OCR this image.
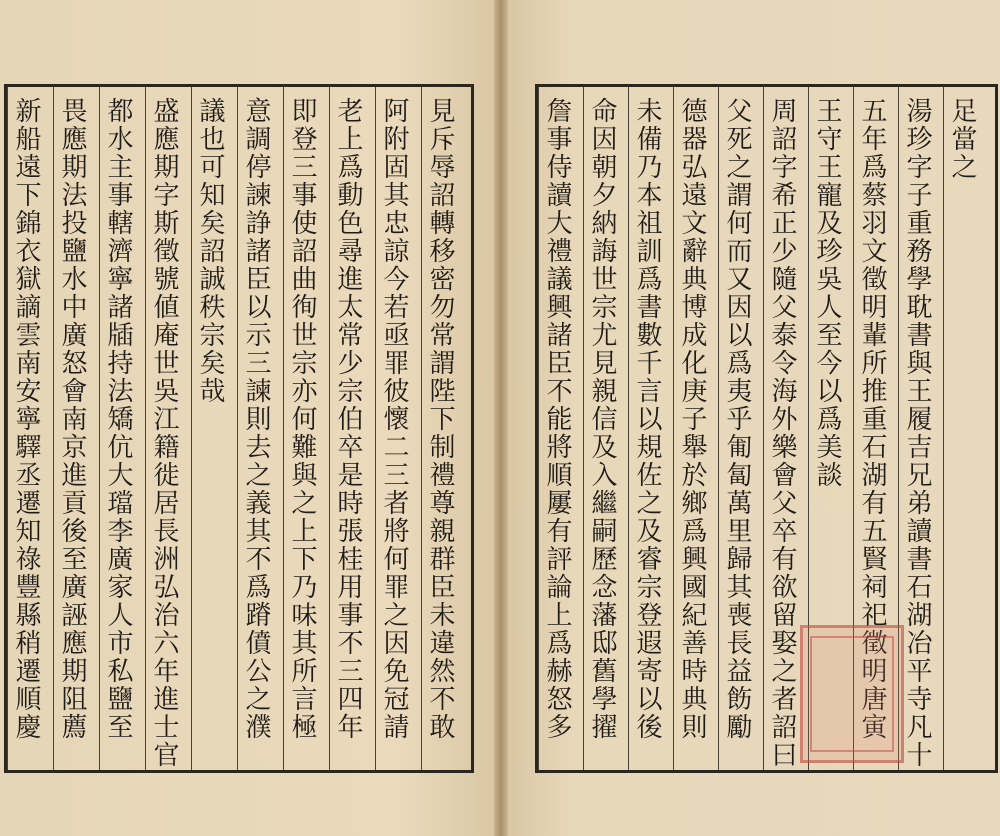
新船遠下錦衣獄謫雲南安寧驛丞遷知祿豐縣稍遷順慶 畏應期法投鹽水中廣怒會南京進貢後至廣誣應期阻薦 都水主事轄濟寧諸牐持法矯伉大璫李廣家人市私鹽至 盛應期字斯徵號値庵世吳江籍徙居長洲弘治六年進士官 議也可知矣詔誠秩宗矣哉 意調停諫諍諸臣以示三諫則去之義其不爲蹐僨公之濮 即登三事使詔曲徇世宗亦何難與之上下乃味其所言極 老上爲動色尋進太常少宗伯卒是時張桂用事不三四年 阿附固其忠諒今若亟罪彼懷二三者將何罪之因免冠請 見斥辱詔轉移密勿常謂陛下制禮尊親群臣未違然不敢	詹事侍讀大禮議興諸臣不能將順屢有評論上爲赫怒多 命因朝夕納誨世宗尤見親信及入繼嗣歷念藩邸舊學擢 未備乃本祖訓爲書數千言以規佐之及睿宗登遐寄以後 德器弘遠文辭典博成化庚子舉於鄉爲興國紀善時典則 父死之謂何而又因以爲夷乎匍匐萬里歸其喪長益飭勵 周詔字希正少隨父泰令海外樂會父卒有欲留娶之者詔曰 王守王寵及珍吳人至今以爲美談 五年爲蔡羽文徵明輩所推重石湖有五賢祠祀徵明唐寅 湯珍字子重務學耽書與王履吉兄弟讀書石湖冶平寺凡十 足當之
